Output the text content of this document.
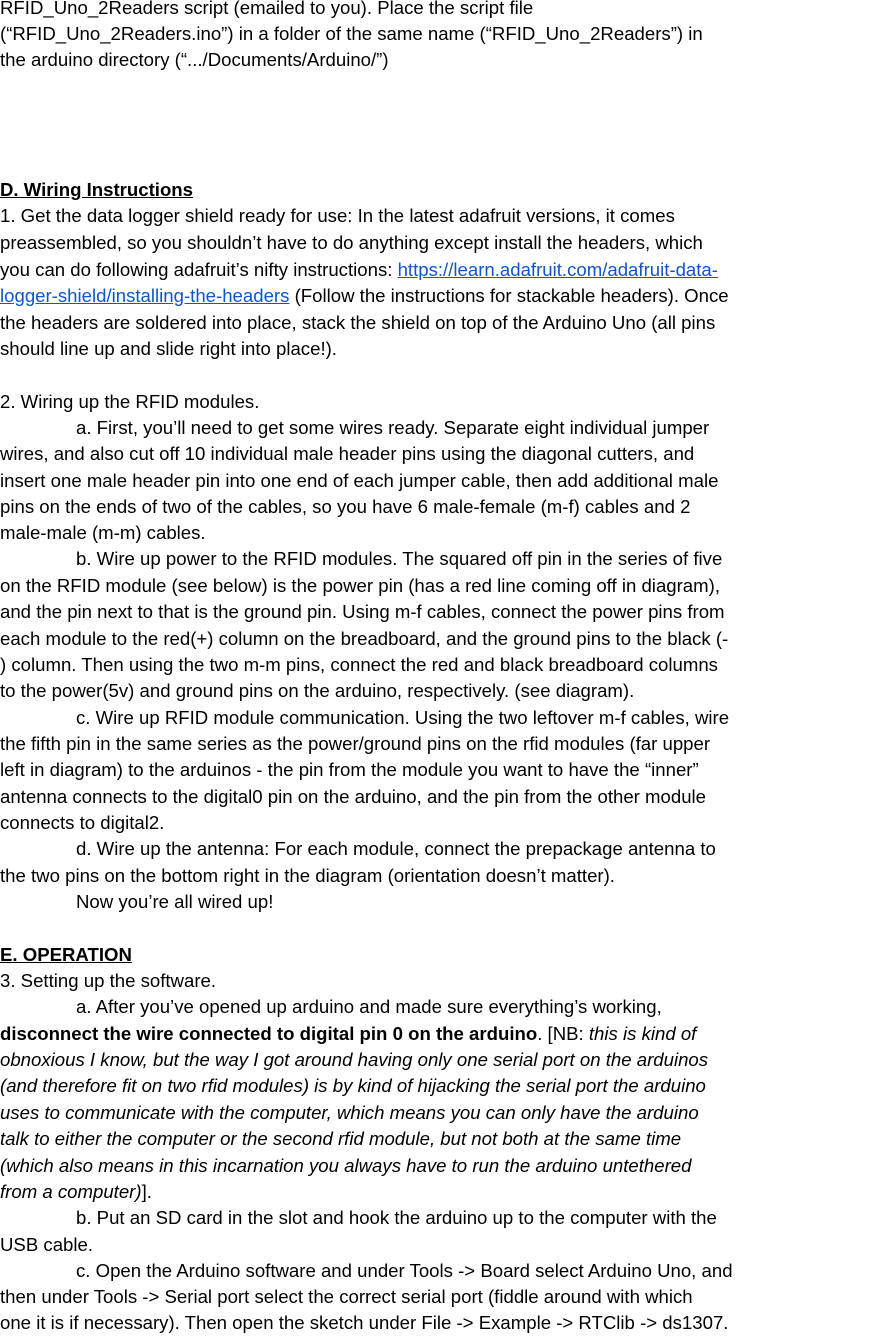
RFID_Uno_2Readers script (emailed to you). Place the script file
(“RFID_Uno_2Readers.ino”) in a folder of the same name (“RFID_Uno_2Readers”) in
the arduino directory (“.../Documents/Arduino/”)
D. Wiring Instructions
1. Get the data logger shield ready for use: In the latest adafruit versions, it comes
preassembled, so you shouldn’t have to do anything except install the headers, which
you can do following adafruit’s nifty instructions: https://learn.adafruit.com/adafruit-data-
logger-shield/installing-the-headers (Follow the instructions for stackable headers). Once
the headers are soldered into place, stack the shield on top of the Arduino Uno (all pins
should line up and slide right into place!).
2. Wiring up the RFID modules.
a. First, you’ll need to get some wires ready. Separate eight individual jumper
wires, and also cut off 10 individual male header pins using the diagonal cutters, and
insert one male header pin into one end of each jumper cable, then add additional male
pins on the ends of two of the cables, so you have 6 male-female (m-f) cables and 2
male-male (m-m) cables.
b. Wire up power to the RFID modules. The squared off pin in the series of five
on the RFID module (see below) is the power pin (has a red line coming off in diagram),
and the pin next to that is the ground pin. Using m-f cables, connect the power pins from
each module to the red(+) column on the breadboard, and the ground pins to the black (-
) column. Then using the two m-m pins, connect the red and black breadboard columns
to the power(5v) and ground pins on the arduino, respectively. (see diagram).
c. Wire up RFID module communication. Using the two leftover m-f cables, wire
the fifth pin in the same series as the power/ground pins on the rfid modules (far upper
left in diagram) to the arduinos - the pin from the module you want to have the “inner”
antenna connects to the digital0 pin on the arduino, and the pin from the other module
connects to digital2.
d. Wire up the antenna: For each module, connect the prepackage antenna to
the two pins on the bottom right in the diagram (orientation doesn’t matter).
Now you’re all wired up!
E. OPERATION
3. Setting up the software.
a. After you’ve opened up arduino and made sure everything’s working,
disconnect the wire connected to digital pin 0 on the arduino. [NB: this is kind of
obnoxious I know, but the way I got around having only one serial port on the arduinos
(and therefore fit on two rfid modules) is by kind of hijacking the serial port the arduino
uses to communicate with the computer, which means you can only have the arduino
talk to either the computer or the second rfid module, but not both at the same time
(which also means in this incarnation you always have to run the arduino untethered
from a computer)].
b. Put an SD card in the slot and hook the arduino up to the computer with the
USB cable.
c. Open the Arduino software and under Tools -> Board select Arduino Uno, and
then under Tools -> Serial port select the correct serial port (fiddle around with which
one it is if necessary). Then open the sketch under File -> Example -> RTClib -> ds1307.
